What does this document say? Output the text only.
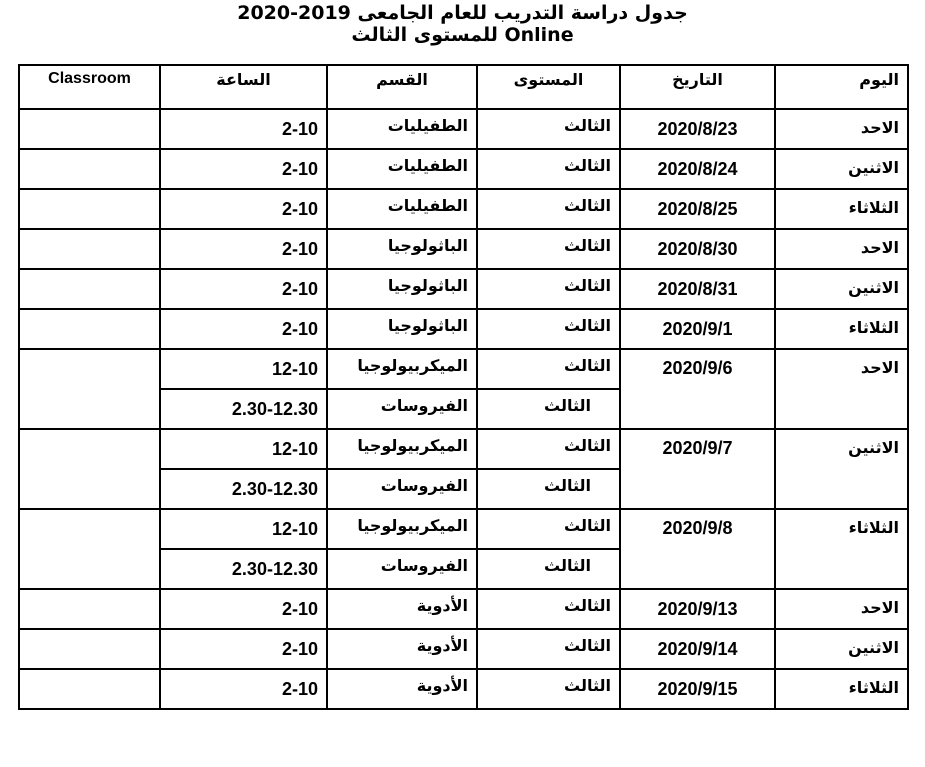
جدول دراسة التدريب للعام الجامعى 2019-2020
للمستوى الثالث Online
Classroom	الساعة	القسم	المستوى	التاريخ	اليوم
	2-10	الطفيليات	الثالث	2020/8/23	الاحد
	2-10	الطفيليات	الثالث	2020/8/24	الاثنين
	2-10	الطفيليات	الثالث	2020/8/25	الثلاثاء
	2-10	الباثولوجيا	الثالث	2020/8/30	الاحد
	2-10	الباثولوجيا	الثالث	2020/8/31	الاثنين
	2-10	الباثولوجيا	الثالث	2020/9/1	الثلاثاء
	12-10	الميكربيولوجيا	الثالث	2020/9/6	الاحد
	2.30-12.30	الفيروسات	الثالث		
	12-10	الميكربيولوجيا	الثالث	2020/9/7	الاثنين
	2.30-12.30	الفيروسات	الثالث		
	12-10	الميكربيولوجيا	الثالث	2020/9/8	الثلاثاء
	2.30-12.30	الفيروسات	الثالث		
	2-10	الأدوية	الثالث	2020/9/13	الاحد
	2-10	الأدوية	الثالث	2020/9/14	الاثنين
	2-10	الأدوية	الثالث	2020/9/15	الثلاثاء
